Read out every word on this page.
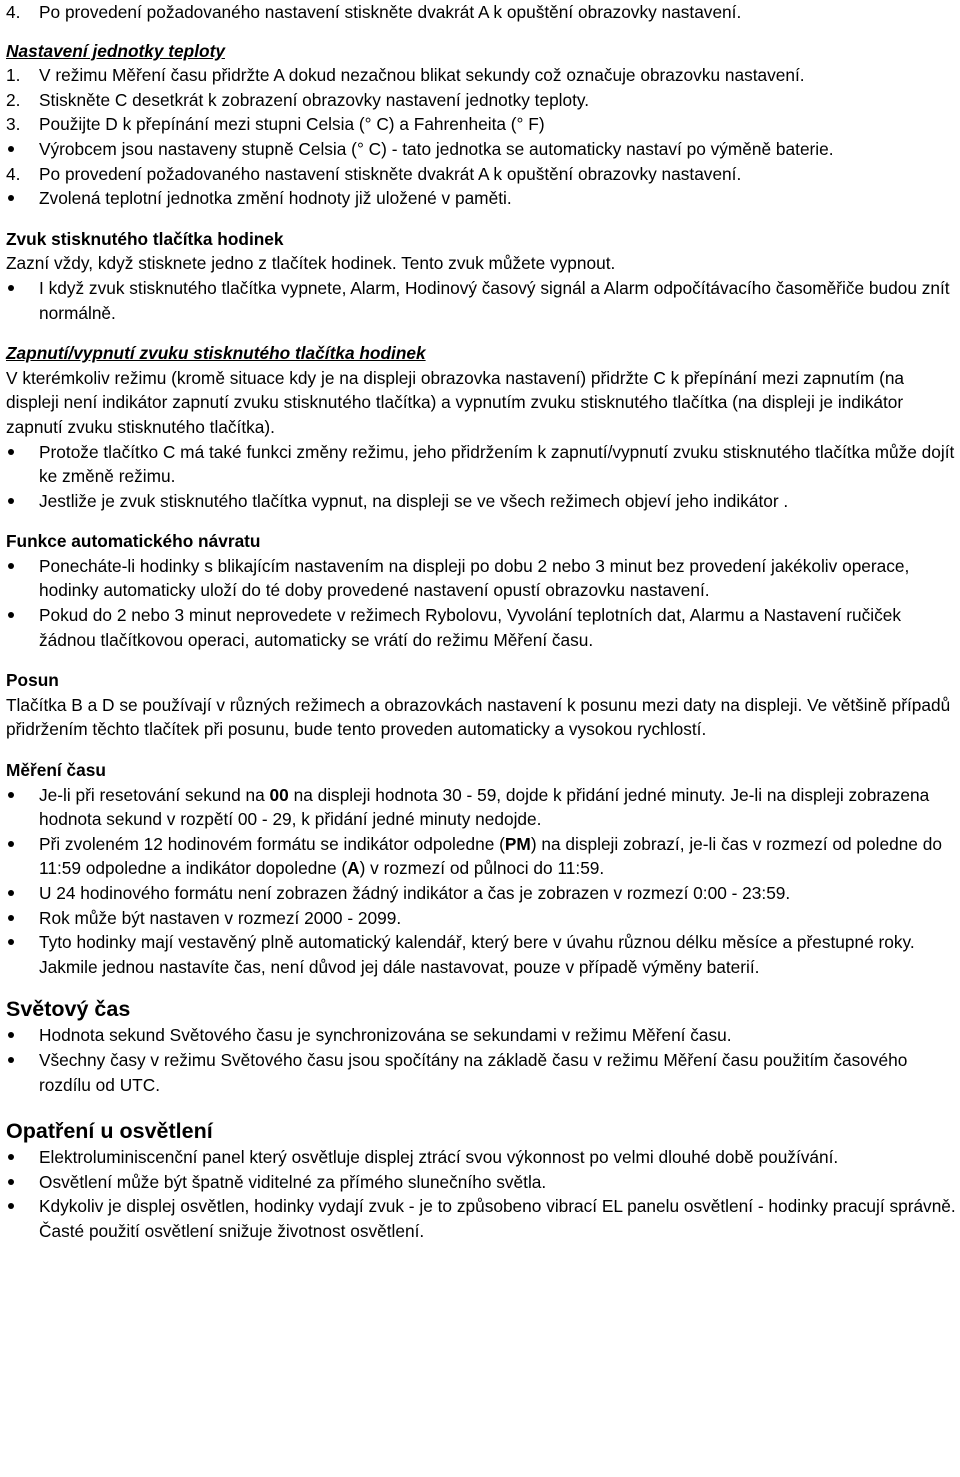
4.	Po provedení požadovaného nastavení stiskněte dvakrát A k opuštění obrazovky nastavení.

Nastavení jednotky teploty

1.	V režimu Měření času přidržte A dokud nezačnou blikat sekundy což označuje obrazovku nastavení.
2.	Stiskněte C desetkrát k zobrazení obrazovky nastavení jednotky teploty.
3.	Použijte D k přepínání mezi stupni Celsia (° C) a Fahrenheita (° F)
Výrobcem jsou nastaveny stupně Celsia (° C) - tato jednotka se automaticky nastaví po výměně baterie.
4.	Po provedení požadovaného nastavení stiskněte dvakrát A k opuštění obrazovky nastavení.
Zvolená teplotní jednotka změní hodnoty již uložené v paměti.

Zvuk stisknutého tlačítka hodinek

Zazní vždy, když stisknete jedno z tlačítek hodinek. Tento zvuk můžete vypnout.

I když zvuk stisknutého tlačítka vypnete, Alarm, Hodinový časový signál a Alarm odpočítávacího časoměřiče budou znít normálně.

Zapnutí/vypnutí zvuku stisknutého tlačítka hodinek

V kterémkoliv režimu (kromě situace kdy je na displeji obrazovka nastavení) přidržte C k přepínání mezi zapnutím (na displeji není indikátor zapnutí zvuku stisknutého tlačítka) a vypnutím zvuku stisknutého tlačítka (na displeji je indikátor zapnutí zvuku stisknutého tlačítka).

Protože tlačítko C má také funkci změny režimu, jeho přidržením k zapnutí/vypnutí zvuku stisknutého tlačítka může dojít ke změně režimu.
Jestliže je zvuk stisknutého tlačítka vypnut, na displeji se ve všech režimech objeví jeho indikátor .

Funkce automatického návratu

Ponecháte-li hodinky s blikajícím nastavením na displeji po dobu 2 nebo 3 minut bez provedení jakékoliv operace, hodinky automaticky uloží do té doby provedené nastavení opustí obrazovku nastavení.
Pokud do 2 nebo 3 minut neprovedete v režimech Rybolovu, Vyvolání teplotních dat, Alarmu a Nastavení ručiček žádnou tlačítkovou operaci, automaticky se vrátí do režimu Měření času.

Posun

Tlačítka B a D se používají v různých režimech a obrazovkách nastavení k posunu mezi daty na displeji. Ve většině případů přidržením těchto tlačítek při posunu, bude tento proveden automaticky a vysokou rychlostí.

Měření času

Je-li při resetování sekund na 00 na displeji hodnota 30 - 59, dojde k přidání jedné minuty. Je-li na displeji zobrazena hodnota sekund v rozpětí 00 - 29, k přidání jedné minuty nedojde.
Při zvoleném 12 hodinovém formátu se indikátor odpoledne (PM) na displeji zobrazí, je-li čas v rozmezí od poledne do 11:59 odpoledne a indikátor dopoledne (A) v rozmezí od půlnoci do 11:59.
U 24 hodinového formátu není zobrazen žádný indikátor a čas je zobrazen v rozmezí 0:00 - 23:59.
Rok může být nastaven v rozmezí 2000 - 2099.
Tyto hodinky mají vestavěný plně automatický kalendář, který bere v úvahu různou délku měsíce a přestupné roky. Jakmile jednou nastavíte čas, není důvod jej dále nastavovat, pouze v případě výměny baterií.

Světový čas

Hodnota sekund Světového času je synchronizována se sekundami v režimu Měření času.
Všechny časy v režimu Světového času jsou spočítány na základě času v režimu Měření času použitím časového rozdílu od UTC.

Opatření u osvětlení

Elektroluminiscenční panel který osvětluje displej ztrácí svou výkonnost po velmi dlouhé době používání.
Osvětlení může být špatně viditelné za přímého slunečního světla.
Kdykoliv je displej osvětlen, hodinky vydají zvuk - je to způsobeno vibrací EL panelu osvětlení - hodinky pracují správně. Časté použití osvětlení snižuje životnost osvětlení.
